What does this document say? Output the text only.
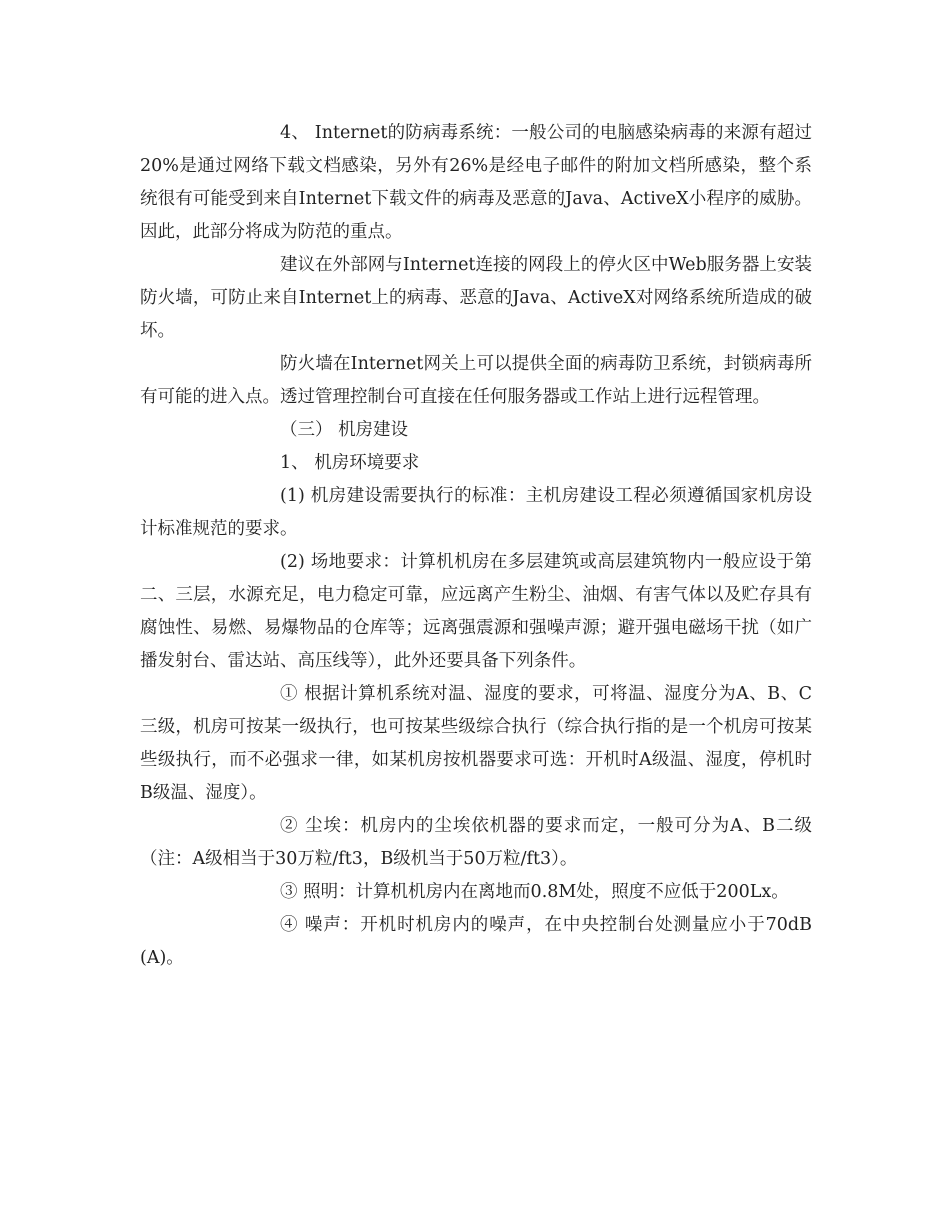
4、 Internet的防病毒系统：一般公司的电脑感染病毒的来源有超过20%是通过网络下载文档感染，另外有26%是经电子邮件的附加文档所感染，整个系统很有可能受到来自Internet下载文件的病毒及恶意的Java、ActiveX小程序的威胁。因此，此部分将成为防范的重点。

建议在外部网与Internet连接的网段上的停火区中Web服务器上安装防火墙，可防止来自Internet上的病毒、恶意的Java、ActiveX对网络系统所造成的破坏。

防火墙在Internet网关上可以提供全面的病毒防卫系统，封锁病毒所有可能的进入点。透过管理控制台可直接在任何服务器或工作站上进行远程管理。

（三） 机房建设

1、 机房环境要求

(1) 机房建设需要执行的标准：主机房建设工程必须遵循国家机房设计标准规范的要求。

(2) 场地要求：计算机机房在多层建筑或高层建筑物内一般应设于第二、三层，水源充足，电力稳定可靠，应远离产生粉尘、油烟、有害气体以及贮存具有腐蚀性、易燃、易爆物品的仓库等；远离强震源和强噪声源；避开强电磁场干扰（如广播发射台、雷达站、高压线等），此外还要具备下列条件。

① 根据计算机系统对温、湿度的要求，可将温、湿度分为A、B、C三级，机房可按某一级执行，也可按某些级综合执行（综合执行指的是一个机房可按某些级执行，而不必强求一律，如某机房按机器要求可选：开机时A级温、湿度，停机时B级温、湿度）。

② 尘埃：机房内的尘埃依机器的要求而定，一般可分为A、B二级（注：A级相当于30万粒/ft3，B级机当于50万粒/ft3）。

③ 照明：计算机机房内在离地而0.8M处，照度不应低于200Lx。

④ 噪声：开机时机房内的噪声，在中央控制台处测量应小于70dB(A)。
